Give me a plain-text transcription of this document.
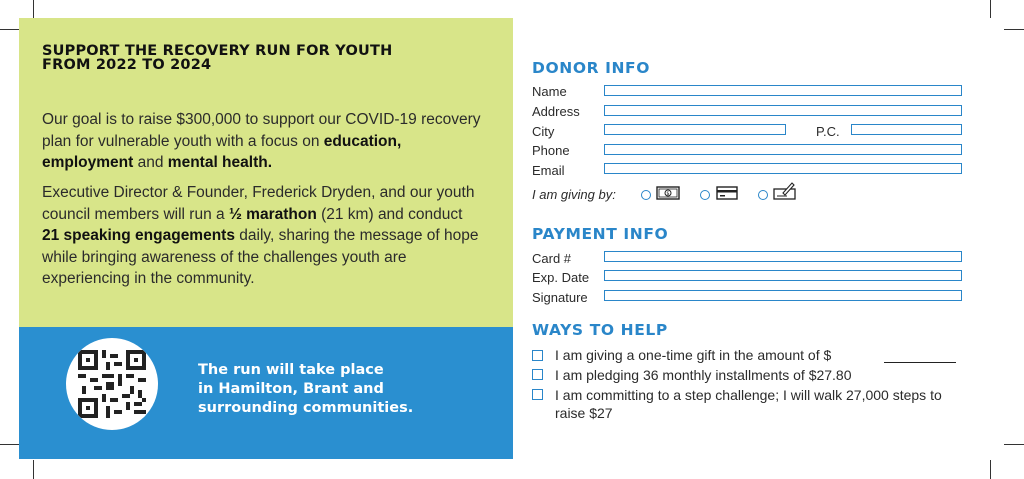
SUPPORT THE RECOVERY RUN FOR YOUTH
FROM 2022 TO 2024
Our goal is to raise $300,000 to support our COVID-19 recovery plan for vulnerable youth with a focus on education, employment and mental health.
Executive Director & Founder, Frederick Dryden, and our youth council members will run a ½ marathon (21 km) and conduct 21 speaking engagements daily, sharing the message of hope while bringing awareness of the challenges youth are experiencing in the community.
The run will take place
in Hamilton, Brant and
surrounding communities.
DONOR INFO
Name
Address
City	P.C.
Phone
Email
I am giving by:	$
PAYMENT INFO
Card #
Exp. Date
Signature
WAYS TO HELP
I am giving a one-time gift in the amount of $
I am pledging 36 monthly installments of $27.80
I am committing to a step challenge; I will walk 27,000 steps to raise $27
